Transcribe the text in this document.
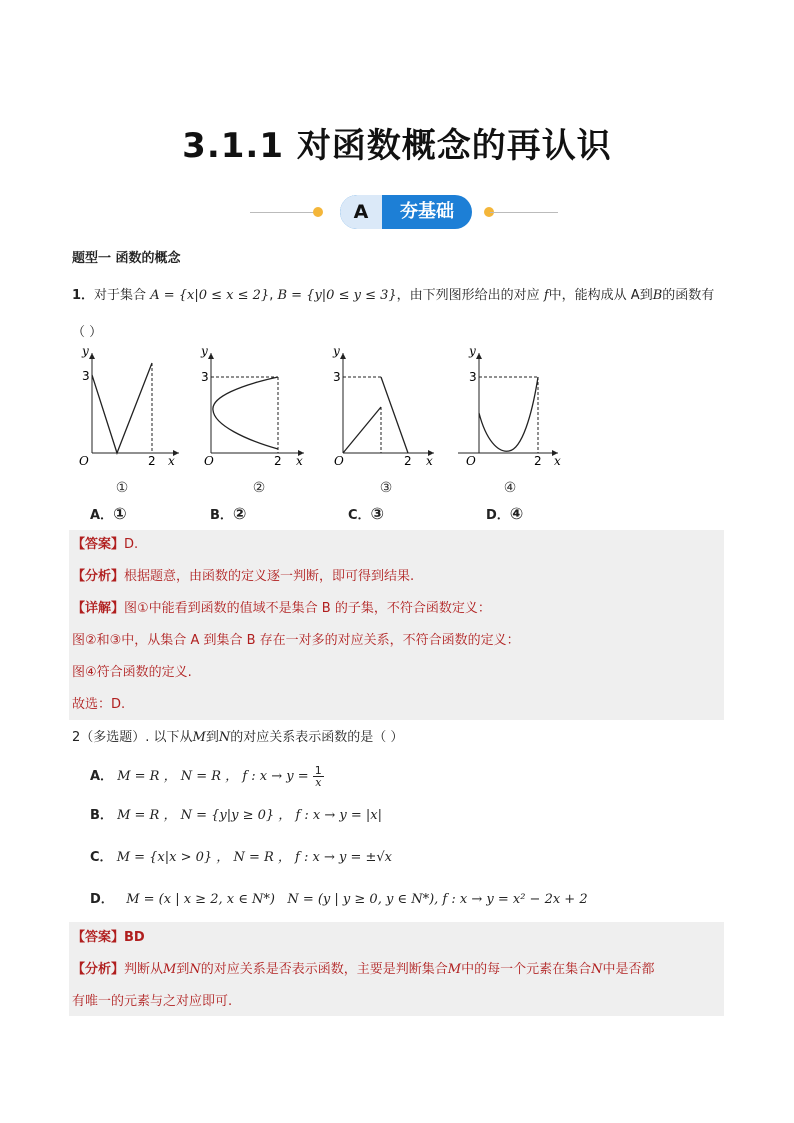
3.1.1 对函数概念的再认识
A	夯基础
题型一 函数的概念
1．对于集合 A = {x|0 ≤ x ≤ 2}, B = {y|0 ≤ y ≤ 3}，由下列图形给出的对应 f中，能构成从 A到B的函数有
（ ）
y
3
O	2 x
y
3
O	2 x
y
3
O	2 x
y
3
O	2 x
①	②	③	④
A．①	B．②	C．③	D．④
【答案】D.
【分析】根据题意，由函数的定义逐一判断，即可得到结果.
【详解】图①中能看到函数的值域不是集合 B 的子集，不符合函数定义：
图②和③中，从集合 A 到集合 B 存在一对多的对应关系，不符合函数的定义：
图④符合函数的定义.
故选：D.
2（多选题）. 以下从M到N的对应关系表示函数的是（ ）
A． M = R ， N = R ， f : $x \to y = \frac{1}{x}$
B． M = R ， N = {y|y ≥ 0} ， f : x → y = |x|
C． M = {x|x > 0} ， N = R ， f : x → y = ±√x
D． M = (x | x ≥ 2, x ∈ N*) N = (y | y ≥ 0, y ∈ N*), f : x → y = x² − 2x + 2
【答案】BD
【分析】判断从M到N的对应关系是否表示函数，主要是判断集合M中的每一个元素在集合N中是否都
有唯一的元素与之对应即可.
